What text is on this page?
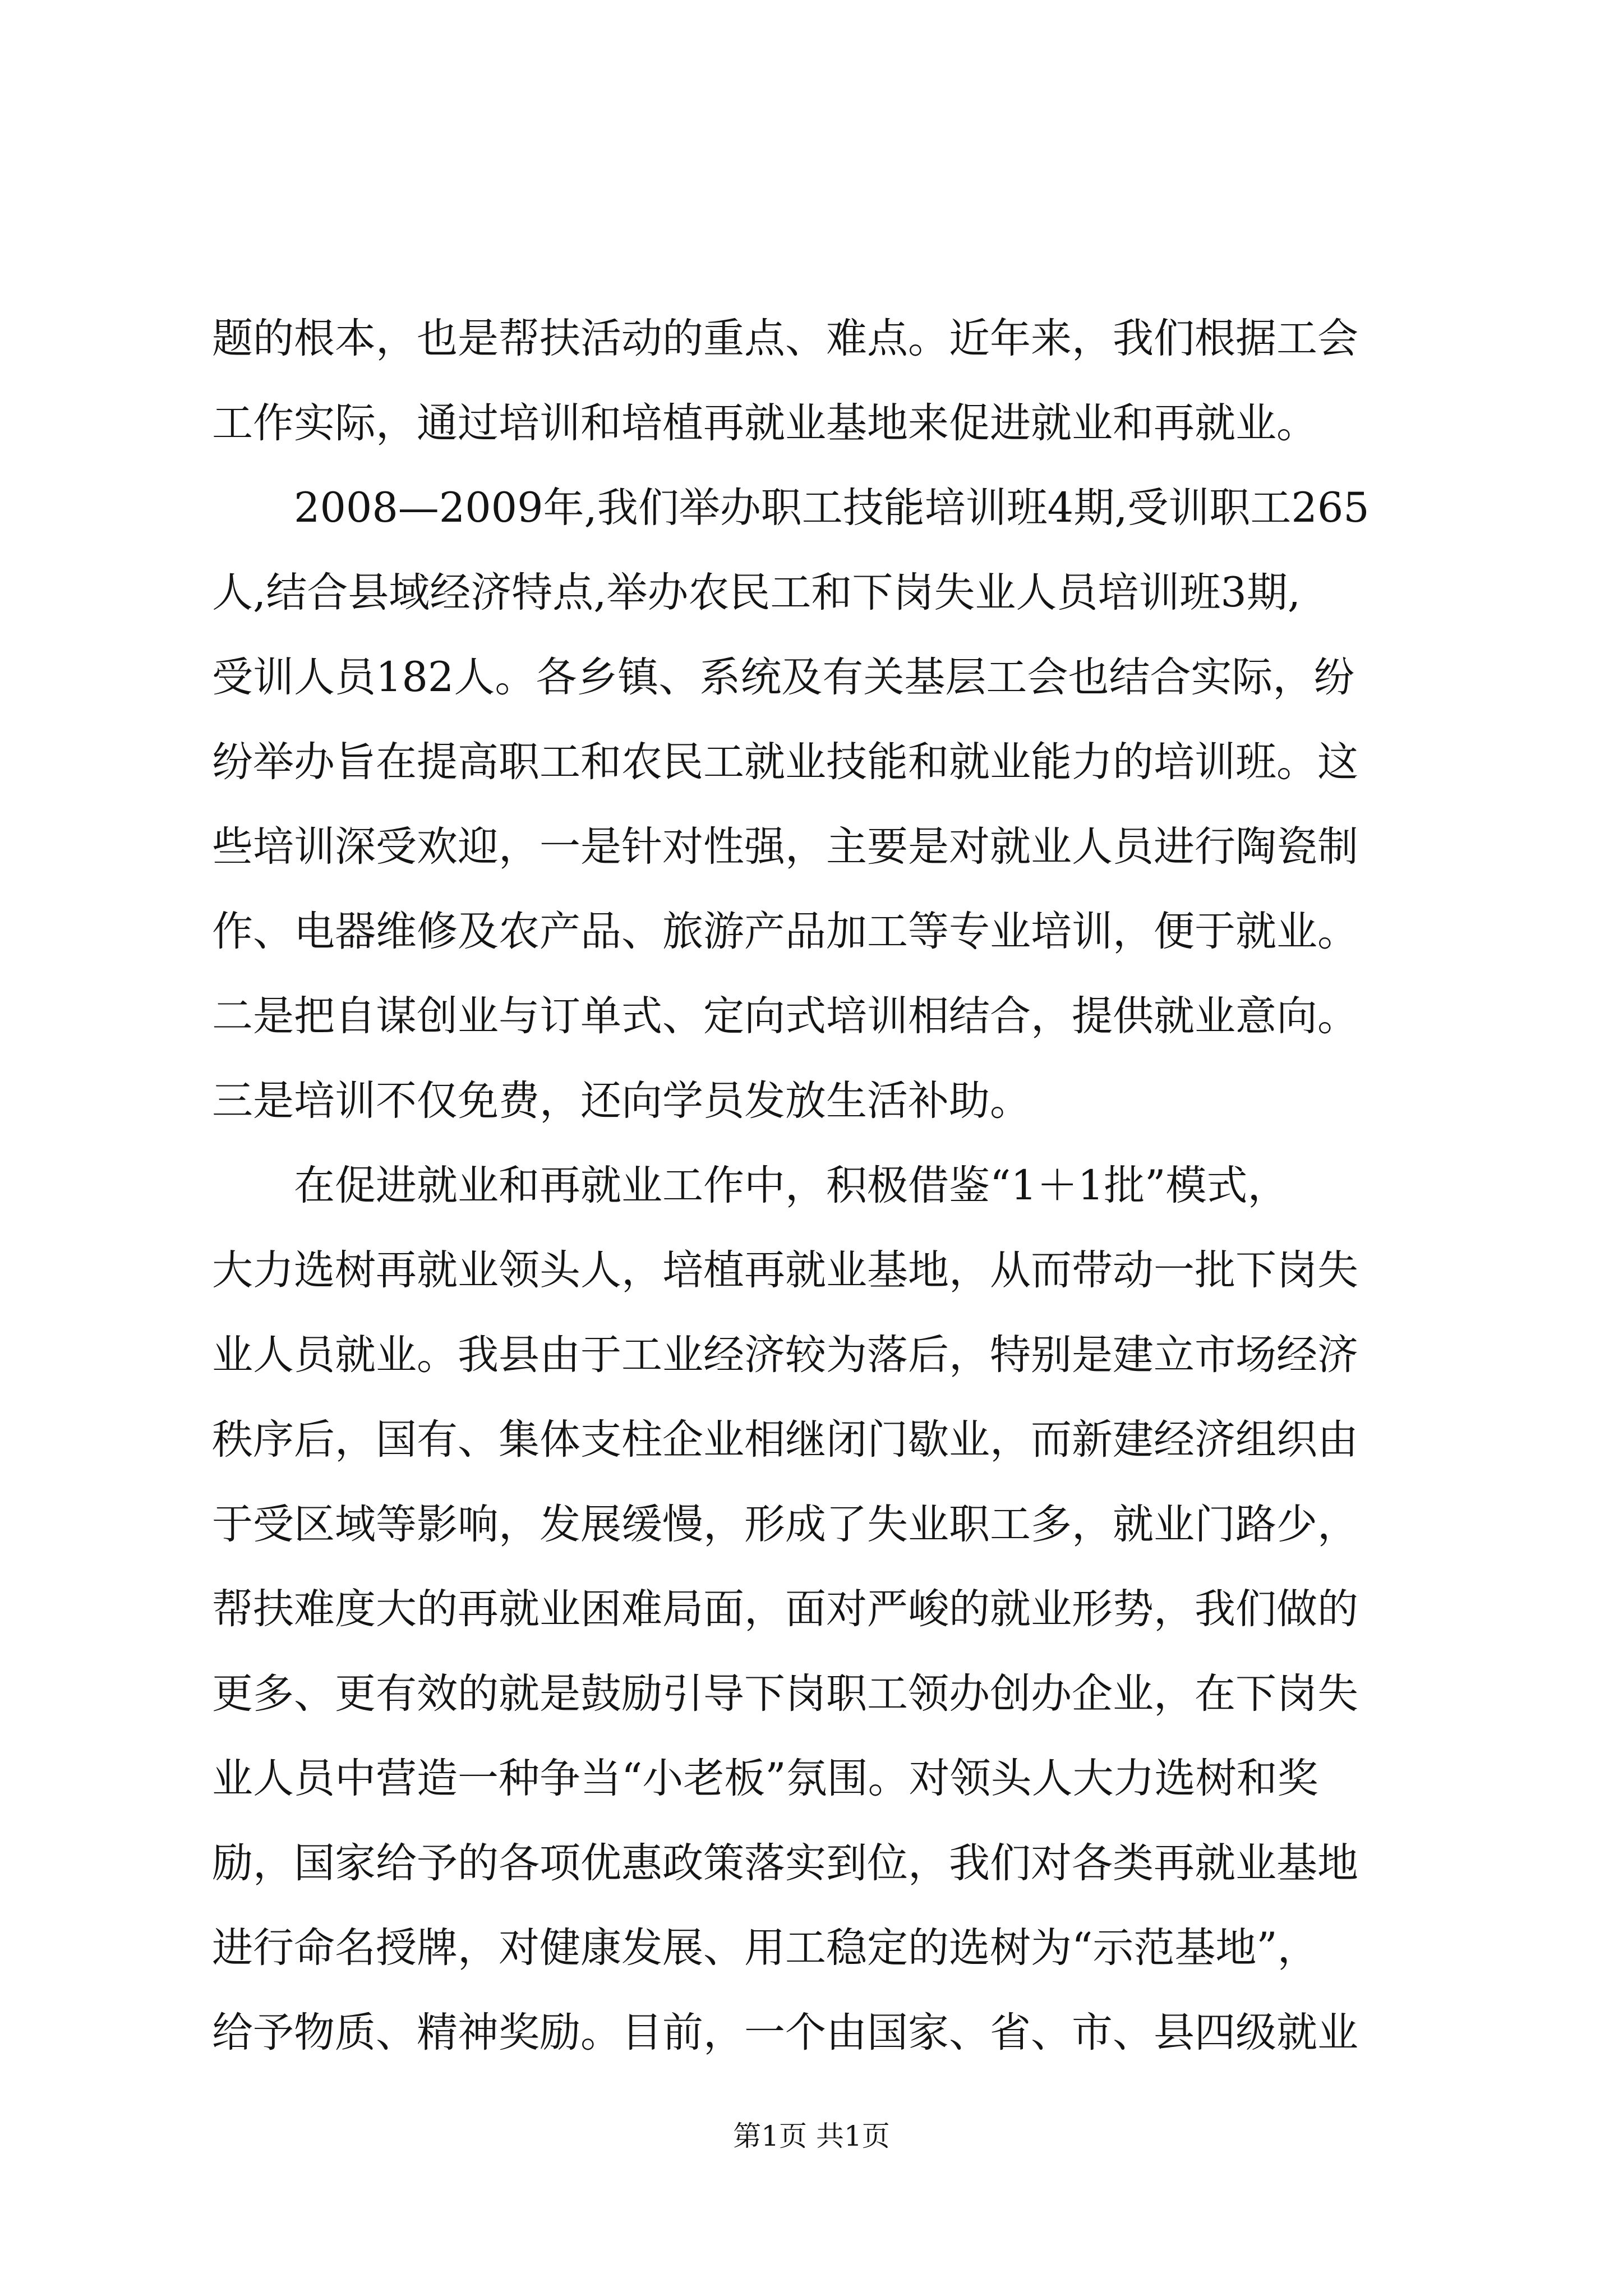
题的根本，也是帮扶活动的重点、难点。近年来，我们根据工会
工作实际，通过培训和培植再就业基地来促进就业和再就业。
2008—2009年,我们举办职工技能培训班4期,受训职工265
人,结合县域经济特点,举办农民工和下岗失业人员培训班3期,
受训人员182人。各乡镇、系统及有关基层工会也结合实际，纷
纷举办旨在提高职工和农民工就业技能和就业能力的培训班。这
些培训深受欢迎，一是针对性强，主要是对就业人员进行陶瓷制
作、电器维修及农产品、旅游产品加工等专业培训，便于就业。
二是把自谋创业与订单式、定向式培训相结合，提供就业意向。
三是培训不仅免费，还向学员发放生活补助。
在促进就业和再就业工作中，积极借鉴“1＋1批”模式，
大力选树再就业领头人，培植再就业基地，从而带动一批下岗失
业人员就业。我县由于工业经济较为落后，特别是建立市场经济
秩序后，国有、集体支柱企业相继闭门歇业，而新建经济组织由
于受区域等影响，发展缓慢，形成了失业职工多，就业门路少，
帮扶难度大的再就业困难局面，面对严峻的就业形势，我们做的
更多、更有效的就是鼓励引导下岗职工领办创办企业，在下岗失
业人员中营造一种争当“小老板”氛围。对领头人大力选树和奖
励，国家给予的各项优惠政策落实到位，我们对各类再就业基地
进行命名授牌，对健康发展、用工稳定的选树为“示范基地”，
给予物质、精神奖励。目前，一个由国家、省、市、县四级就业
第1页 共1页
